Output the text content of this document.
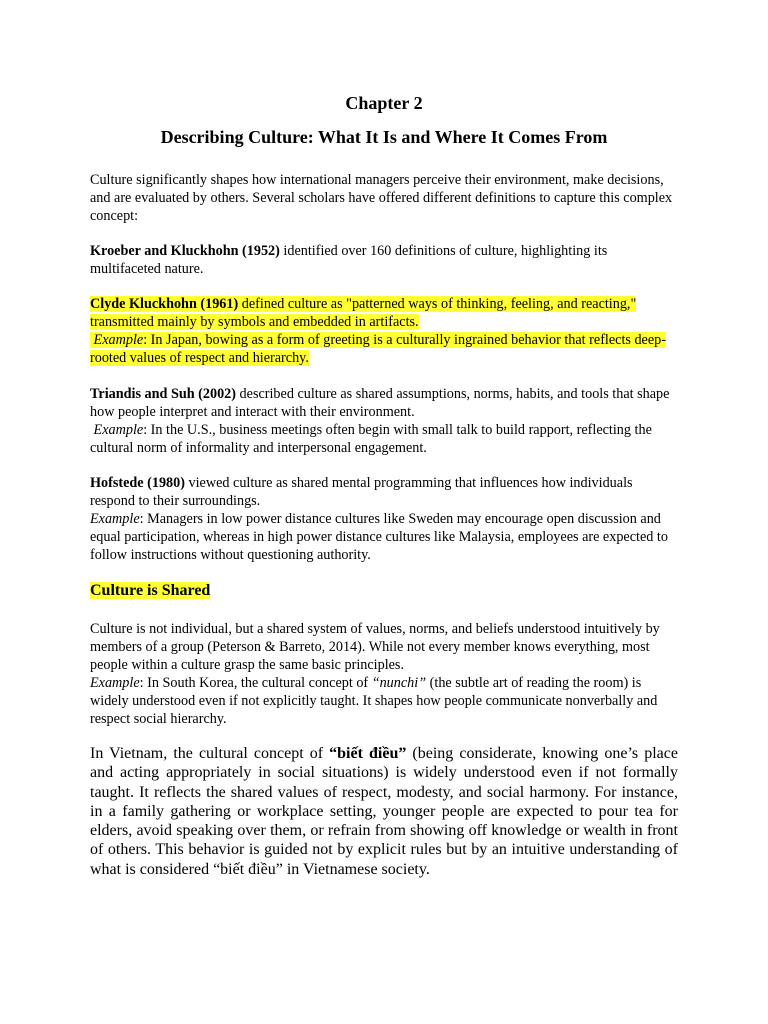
Chapter 2
Describing Culture: What It Is and Where It Comes From

Culture significantly shapes how international managers perceive their environment, make decisions, and are evaluated by others. Several scholars have offered different definitions to capture this complex concept:

Kroeber and Kluckhohn (1952) identified over 160 definitions of culture, highlighting its multifaceted nature.

Clyde Kluckhohn (1961) defined culture as "patterned ways of thinking, feeling, and reacting," transmitted mainly by symbols and embedded in artifacts.
Example: In Japan, bowing as a form of greeting is a culturally ingrained behavior that reflects deep-rooted values of respect and hierarchy.

Triandis and Suh (2002) described culture as shared assumptions, norms, habits, and tools that shape how people interpret and interact with their environment.
Example: In the U.S., business meetings often begin with small talk to build rapport, reflecting the cultural norm of informality and interpersonal engagement.

Hofstede (1980) viewed culture as shared mental programming that influences how individuals respond to their surroundings.
Example: Managers in low power distance cultures like Sweden may encourage open discussion and equal participation, whereas in high power distance cultures like Malaysia, employees are expected to follow instructions without questioning authority.

Culture is Shared

Culture is not individual, but a shared system of values, norms, and beliefs understood intuitively by members of a group (Peterson & Barreto, 2014). While not every member knows everything, most people within a culture grasp the same basic principles.
Example: In South Korea, the cultural concept of “nunchi” (the subtle art of reading the room) is widely understood even if not explicitly taught. It shapes how people communicate nonverbally and respect social hierarchy.

In Vietnam, the cultural concept of “biết điều” (being considerate, knowing one’s place and acting appropriately in social situations) is widely understood even if not formally taught. It reflects the shared values of respect, modesty, and social harmony. For instance, in a family gathering or workplace setting, younger people are expected to pour tea for elders, avoid speaking over them, or refrain from showing off knowledge or wealth in front of others. This behavior is guided not by explicit rules but by an intuitive understanding of what is considered “biết điều” in Vietnamese society.
